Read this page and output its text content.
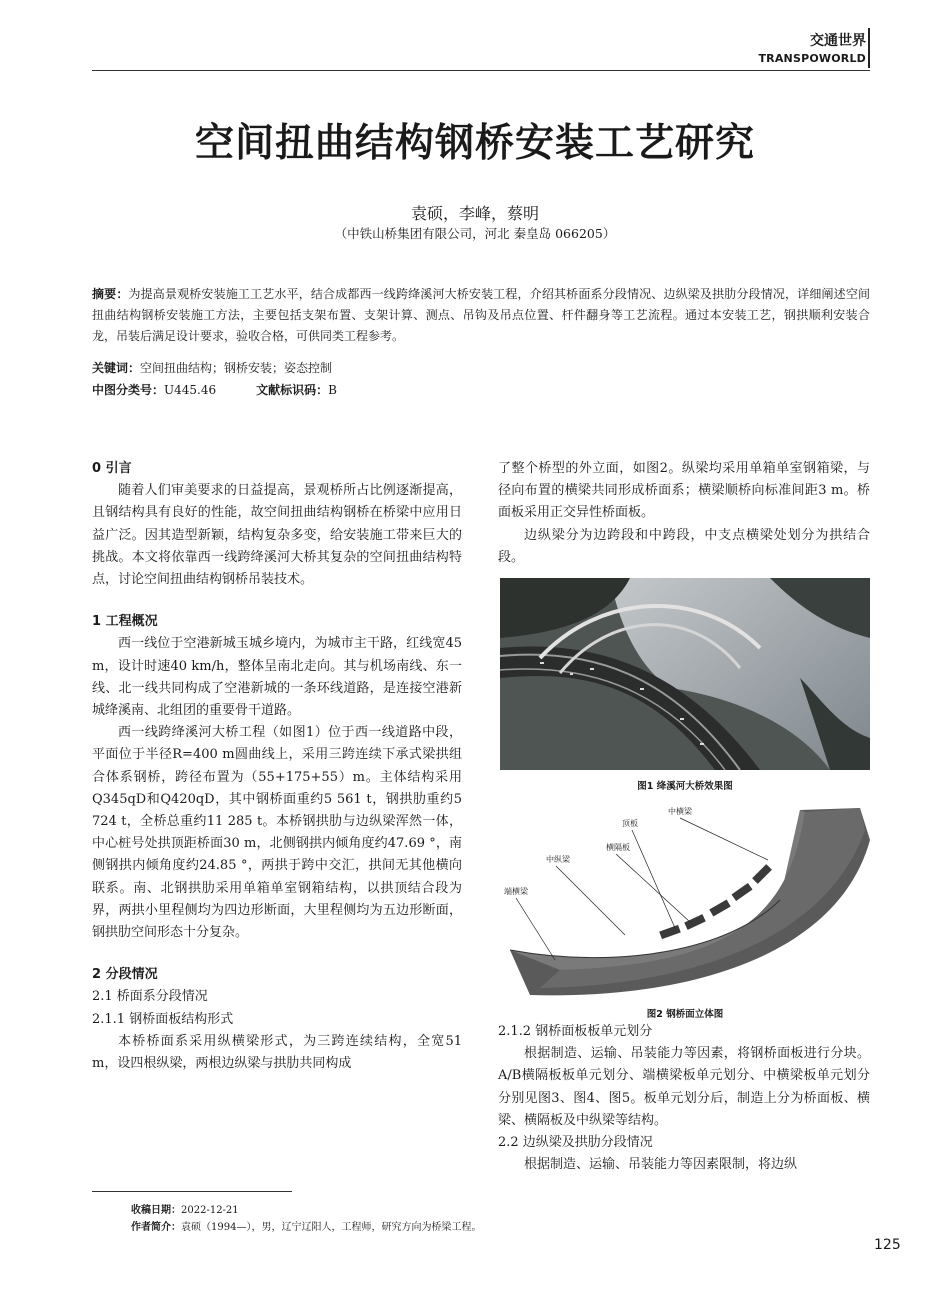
交通世界
TRANSPOWORLD
空间扭曲结构钢桥安装工艺研究
袁硕，李峰，蔡明
（中铁山桥集团有限公司，河北 秦皇岛 066205）
摘要：为提高景观桥安装施工工艺水平，结合成都西一线跨绛溪河大桥安装工程，介绍其桥面系分段情况、边纵梁及拱肋分段情况，详细阐述空间扭曲结构钢桥安装施工方法，主要包括支架布置、支架计算、测点、吊钩及吊点位置、杆件翻身等工艺流程。通过本安装工艺，钢拱顺利安装合龙，吊装后满足设计要求，验收合格，可供同类工程参考。
关键词：空间扭曲结构；钢桥安装；姿态控制
中图分类号：U445.46	文献标识码：B

0 引言

随着人们审美要求的日益提高，景观桥所占比例逐渐提高，且钢结构具有良好的性能，故空间扭曲结构钢桥在桥梁中应用日益广泛。因其造型新颖，结构复杂多变，给安装施工带来巨大的挑战。本文将依靠西一线跨绛溪河大桥其复杂的空间扭曲结构特点，讨论空间扭曲结构钢桥吊装技术。

1 工程概况

西一线位于空港新城玉城乡境内，为城市主干路，红线宽45 m，设计时速40 km/h，整体呈南北走向。其与机场南线、东一线、北一线共同构成了空港新城的一条环线道路，是连接空港新城绛溪南、北组团的重要骨干道路。

西一线跨绛溪河大桥工程（如图1）位于西一线道路中段，平面位于半径R=400 m圆曲线上，采用三跨连续下承式梁拱组合体系钢桥，跨径布置为（55+175+55）m。主体结构采用Q345qD和Q420qD，其中钢桥面重约5 561 t，钢拱肋重约5 724 t，全桥总重约11 285 t。本桥钢拱肋与边纵梁浑然一体，中心桩号处拱顶距桥面30 m，北侧钢拱内倾角度约47.69 °，南侧钢拱内倾角度约24.85 °，两拱于跨中交汇，拱间无其他横向联系。南、北钢拱肋采用单箱单室钢箱结构，以拱顶结合段为界，两拱小里程侧均为四边形断面，大里程侧均为五边形断面，钢拱肋空间形态十分复杂。

2 分段情况

2.1 桥面系分段情况

2.1.1 钢桥面板结构形式

本桥桥面系采用纵横梁形式，为三跨连续结构，全宽51 m，设四根纵梁，两根边纵梁与拱肋共同构成

了整个桥型的外立面，如图2。纵梁均采用单箱单室钢箱梁，与径向布置的横梁共同形成桥面系；横梁顺桥向标准间距3 m。桥面板采用正交异性桥面板。

边纵梁分为边跨段和中跨段，中支点横梁处划分为拱结合段。

图1 绛溪河大桥效果图
顶板
中横梁
横隔板
中纵梁
端横梁
图2 钢桥面立体图

2.1.2 钢桥面板板单元划分

根据制造、运输、吊装能力等因素，将钢桥面板进行分块。A/B横隔板板单元划分、端横梁板单元划分、中横梁板单元划分分别见图3、图4、图5。板单元划分后，制造上分为桥面板、横梁、横隔板及中纵梁等结构。

2.2 边纵梁及拱肋分段情况

根据制造、运输、吊装能力等因素限制，将边纵

收稿日期：2022-12-21
作者简介：袁硕（1994—），男，辽宁辽阳人，工程师，研究方向为桥梁工程。
125
